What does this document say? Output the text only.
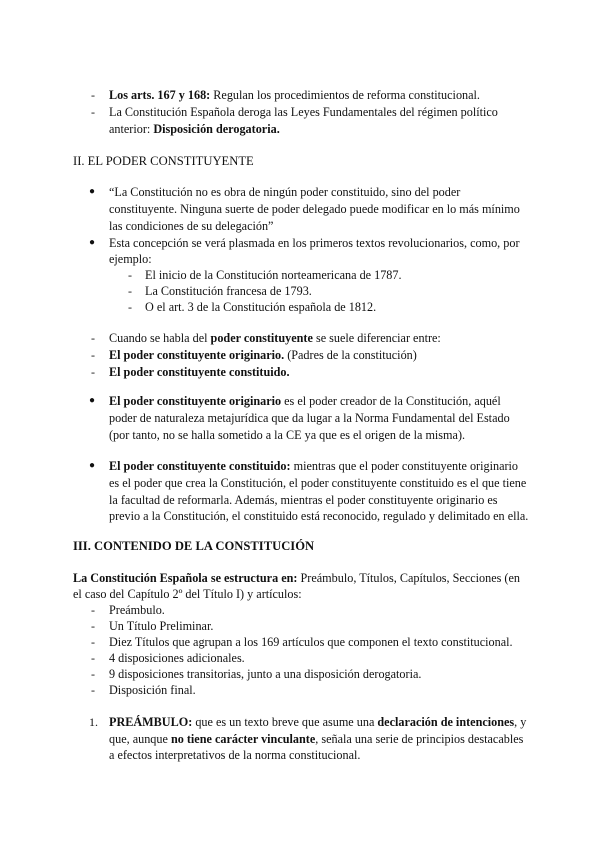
- Los arts. 167 y 168: Regulan los procedimientos de reforma constitucional.
- La Constitución Española deroga las Leyes Fundamentales del régimen político
anterior: Disposición derogatoria.
II. EL PODER CONSTITUYENTE
● “La Constitución no es obra de ningún poder constituido, sino del poder
constituyente. Ninguna suerte de poder delegado puede modificar en lo más mínimo
las condiciones de su delegación”
● Esta concepción se verá plasmada en los primeros textos revolucionarios, como, por
ejemplo:
- El inicio de la Constitución norteamericana de 1787.
- La Constitución francesa de 1793.
- O el art. 3 de la Constitución española de 1812.
- Cuando se habla del poder constituyente se suele diferenciar entre:
- El poder constituyente originario. (Padres de la constitución)
- El poder constituyente constituido.
● El poder constituyente originario es el poder creador de la Constitución, aquél
poder de naturaleza metajurídica que da lugar a la Norma Fundamental del Estado
(por tanto, no se halla sometido a la CE ya que es el origen de la misma).
● El poder constituyente constituido: mientras que el poder constituyente originario
es el poder que crea la Constitución, el poder constituyente constituido es el que tiene
la facultad de reformarla. Además, mientras el poder constituyente originario es
previo a la Constitución, el constituido está reconocido, regulado y delimitado en ella.
III. CONTENIDO DE LA CONSTITUCIÓN
La Constitución Española se estructura en: Preámbulo, Títulos, Capítulos, Secciones (en
el caso del Capítulo 2º del Título I) y artículos:
- Preámbulo.
- Un Título Preliminar.
- Diez Títulos que agrupan a los 169 artículos que componen el texto constitucional.
- 4 disposiciones adicionales.
- 9 disposiciones transitorias, junto a una disposición derogatoria.
- Disposición final.
1. PREÁMBULO: que es un texto breve que asume una declaración de intenciones, y
que, aunque no tiene carácter vinculante, señala una serie de principios destacables
a efectos interpretativos de la norma constitucional.
